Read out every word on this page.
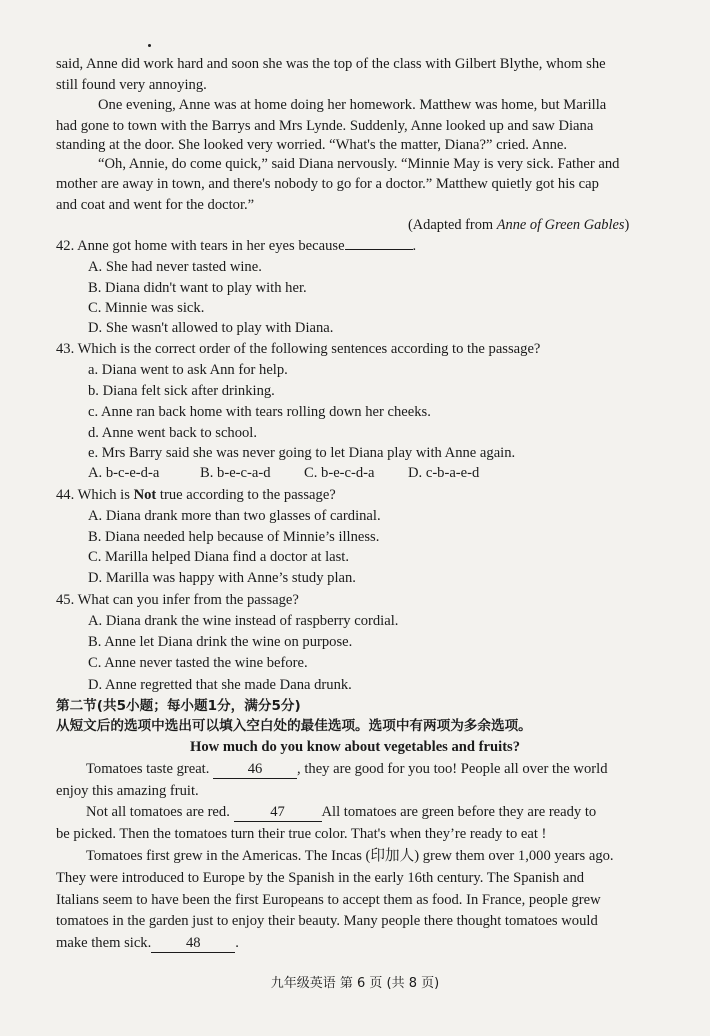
said, Anne did work hard and soon she was the top of the class with Gilbert Blythe, whom she
still found very annoying.
One evening, Anne was at home doing her homework. Matthew was home, but Marilla
had gone to town with the Barrys and Mrs Lynde. Suddenly, Anne looked up and saw Diana
standing at the door. She looked very worried. “What's the matter, Diana?” cried. Anne.
“Oh, Annie, do come quick,” said Diana nervously. “Minnie May is very sick. Father and
mother are away in town, and there's nobody to go for a doctor.” Matthew quietly got his cap
and coat and went for the doctor.”
(Adapted from Anne of Green Gables)
42. Anne got home with tears in her eyes because	.
A. She had never tasted wine.
B. Diana didn't want to play with her.
C. Minnie was sick.
D. She wasn't allowed to play with Diana.
43. Which is the correct order of the following sentences according to the passage?
a. Diana went to ask Ann for help.
b. Diana felt sick after drinking.
c. Anne ran back home with tears rolling down her cheeks.
d. Anne went back to school.
e. Mrs Barry said she was never going to let Diana play with Anne again.
A. b-c-e-d-a	B. b-e-c-a-d C. b-e-c-d-a D. c-b-a-e-d
44. Which is Not true according to the passage?
A. Diana drank more than two glasses of cardinal.
B. Diana needed help because of Minnie’s illness.
C. Marilla helped Diana find a doctor at last.
D. Marilla was happy with Anne’s study plan.
45. What can you infer from the passage?
A. Diana drank the wine instead of raspberry cordial.
B. Anne let Diana drink the wine on purpose.
C. Anne never tasted the wine before.
D. Anne regretted that she made Dana drunk.
第二节(共5小题；每小题1分，满分5分)
从短文后的选项中选出可以填入空白处的最佳选项。选项中有两项为多余选项。
How much do you know about vegetables and fruits?
Tomatoes taste great.	46 , they are good for you too! People all over the world
enjoy this amazing fruit.
Not all tomatoes are red.	47	All tomatoes are green before they are ready to
be picked. Then the tomatoes turn their true color. That's when they’re ready to eat !
Tomatoes first grew in the Americas. The Incas (印加人) grew them over 1,000 years ago.
They were introduced to Europe by the Spanish in the early 16th century. The Spanish and
Italians seem to have been the first Europeans to accept them as food. In France, people grew
tomatoes in the garden just to enjoy their beauty. Many people there thought tomatoes would
make them sick. 48 .
九年级英语 第 6 页 (共 8 页)
